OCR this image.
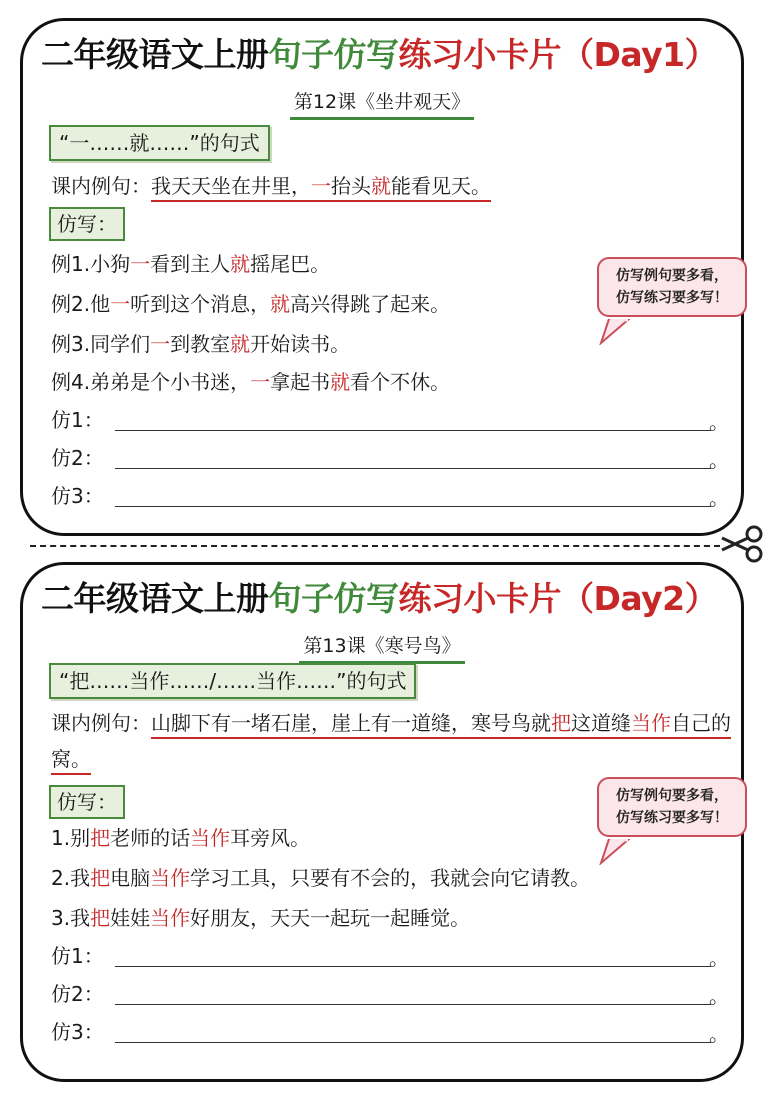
二年级语文上册句子仿写练习小卡片（Day1）
第12课《坐井观天》
“一……就……”的句式
课内例句：我天天坐在井里，一抬头就能看见天。
仿写：
例1.小狗一看到主人就摇尾巴。
例2.他一听到这个消息，就高兴得跳了起来。
例3.同学们一到教室就开始读书。
例4.弟弟是个小书迷，一拿起书就看个不休。
仿1：	。
仿2：	。
仿3：	。
仿写例句要多看，
仿写练习要多写！
二年级语文上册句子仿写练习小卡片（Day2）
第13课《寒号鸟》
“把……当作……/……当作……”的句式
课内例句：山脚下有一堵石崖，崖上有一道缝，寒号鸟就把这道缝当作自己的窝。
仿写：
1.别把老师的话当作耳旁风。
2.我把电脑当作学习工具，只要有不会的，我就会向它请教。
3.我把娃娃当作好朋友，天天一起玩一起睡觉。
仿1：	。
仿2：	。
仿3：	。
仿写例句要多看，
仿写练习要多写！
